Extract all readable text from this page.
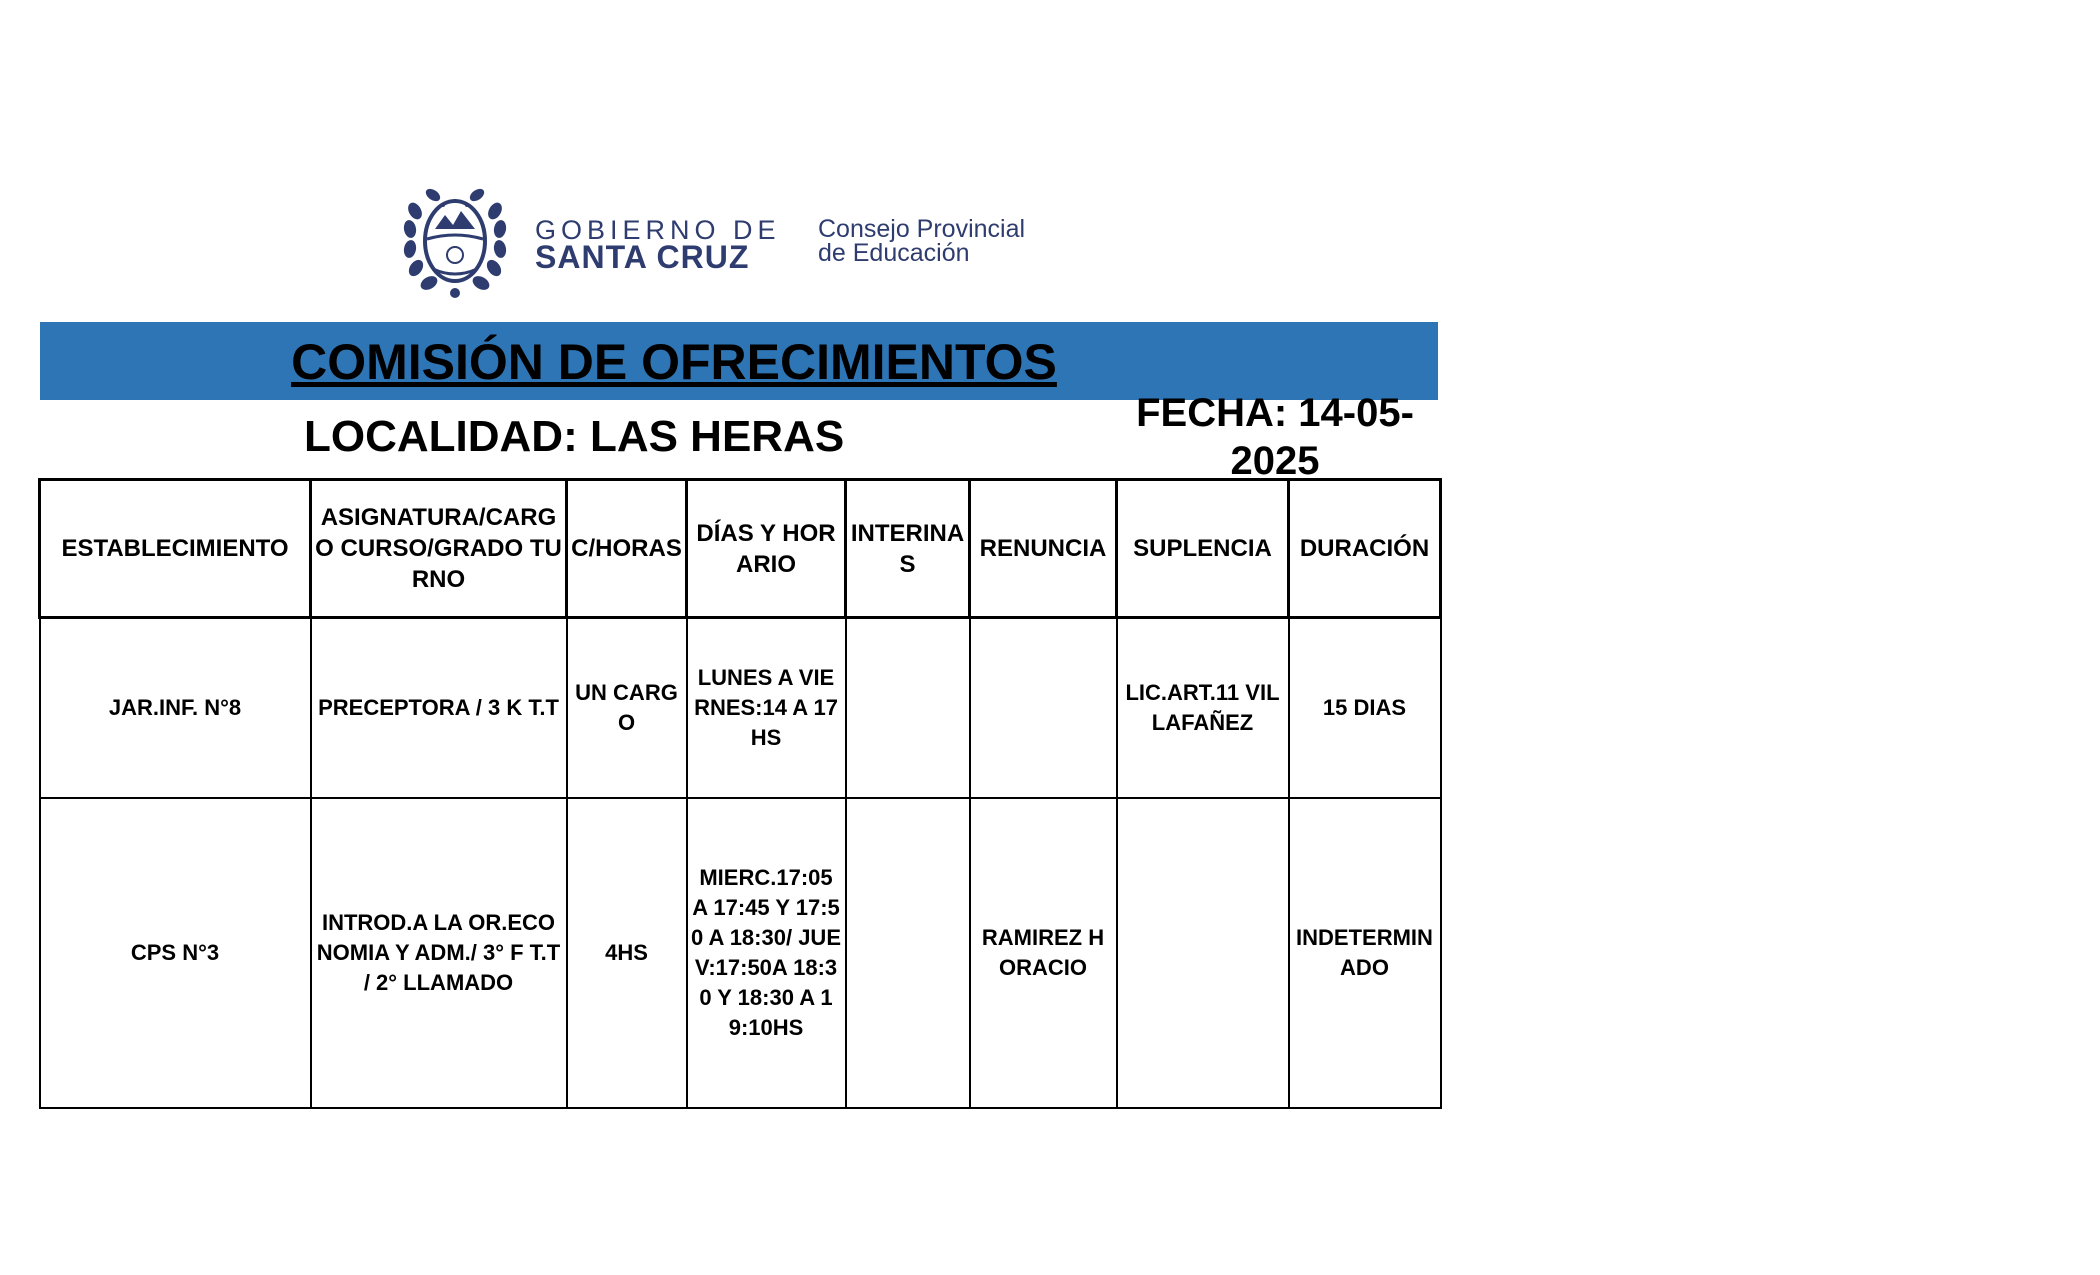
GOBIERNO DE
SANTA CRUZ
Consejo Provincial
de Educación
COMISIÓN DE OFRECIMIENTOS
LOCALIDAD: LAS HERAS	FECHA: 14-05-2025
ESTABLECIMIENTO	ASIGNATURA/CARGO CURSO/GRADO TURNO	C/HORAS	DÍAS Y HORARIO	INTERINAS	RENUNCIA	SUPLENCIA	DURACIÓN
JAR.INF. N°8	PRECEPTORA / 3 K T.T	UN CARGO	LUNES A VIERNES:14 A 17HS			LIC.ART.11 VILLAFAÑEZ	15 DIAS
CPS N°3	INTROD.A LA OR.ECONOMIA Y ADM./ 3° F T.T / 2° LLAMADO	4HS	MIERC.17:05 A 17:45 Y 17:50 A 18:30/ JUEV:17:50A 18:30 Y 18:30 A 19:10HS		RAMIREZ HORACIO		INDETERMINADO
